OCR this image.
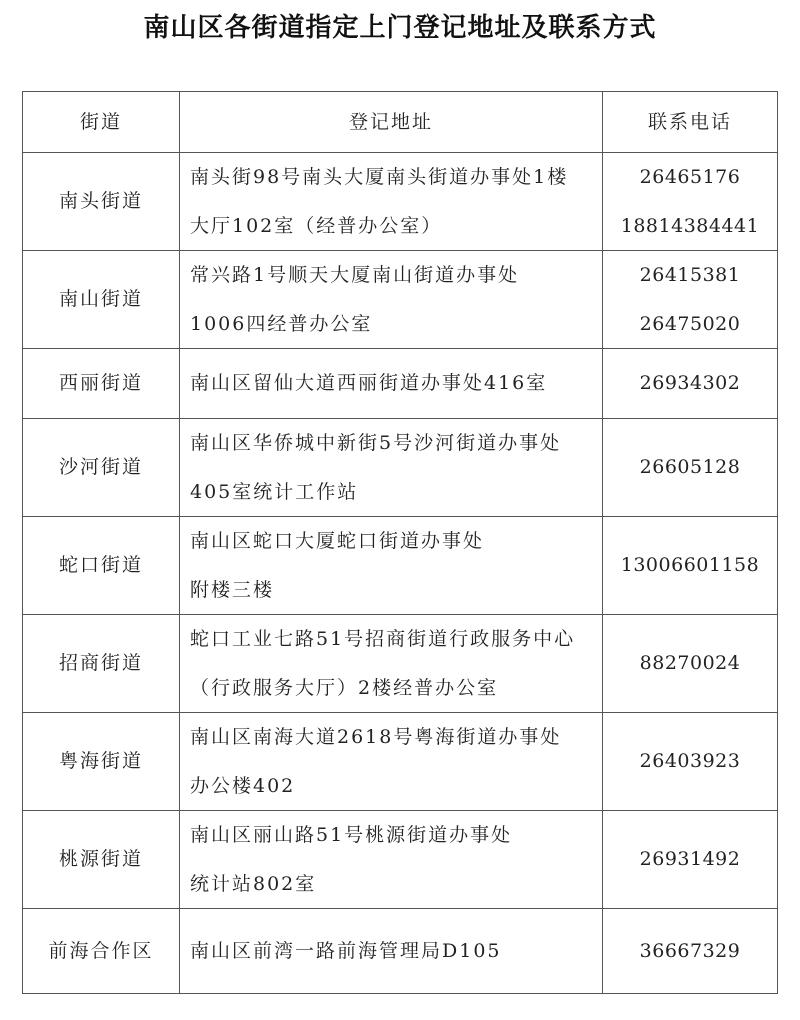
南山区各街道指定上门登记地址及联系方式
街道	登记地址	联系电话
南头街道	南头街98号南头大厦南头街道办事处1楼
大厅102室（经普办公室）	26465176
18814384441

南山街道	常兴路1号顺天大厦南山街道办事处
1006四经普办公室	26415381
26475020

西丽街道	南山区留仙大道西丽街道办事处416室	26934302

沙河街道	南山区华侨城中新街5号沙河街道办事处
405室统计工作站	26605128

蛇口街道	南山区蛇口大厦蛇口街道办事处
附楼三楼	13006601158

招商街道	蛇口工业七路51号招商街道行政服务中心
（行政服务大厅）2楼经普办公室	88270024

粤海街道	南山区南海大道2618号粤海街道办事处
办公楼402	26403923

桃源街道	南山区丽山路51号桃源街道办事处
统计站802室	26931492

前海合作区	南山区前湾一路前海管理局D105	36667329
